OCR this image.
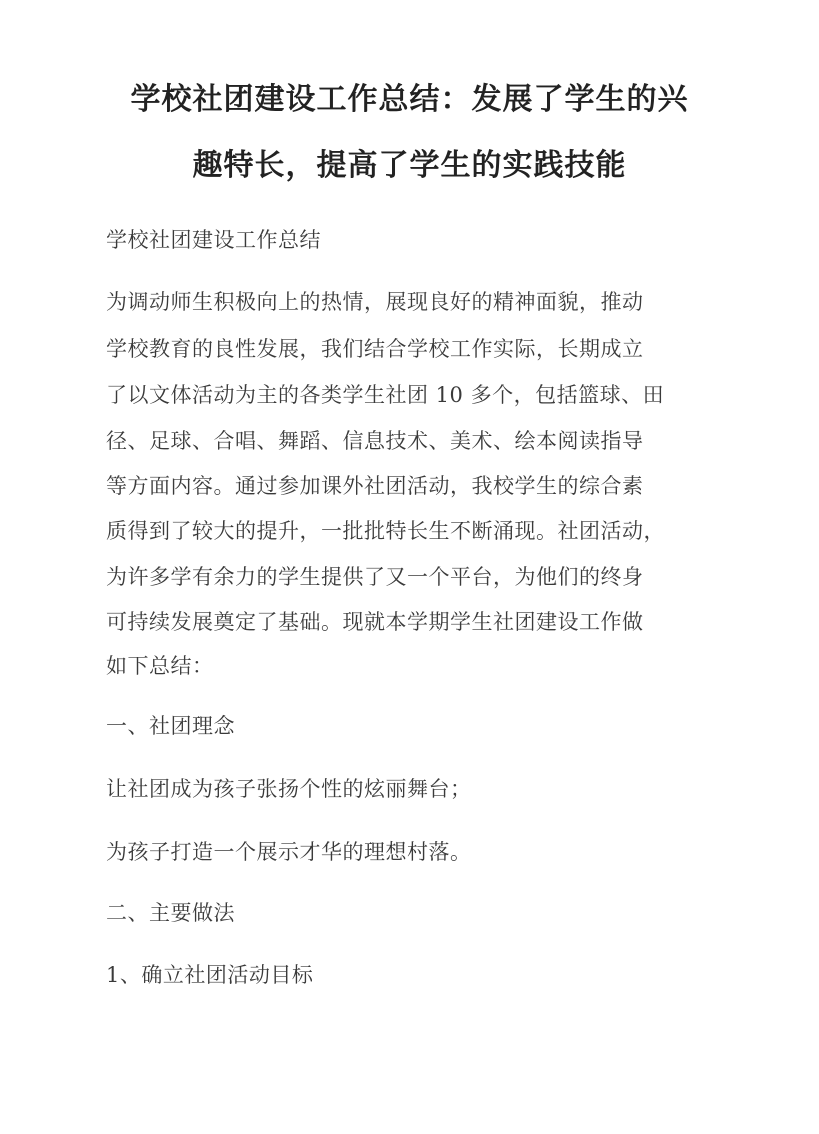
学校社团建设工作总结：发展了学生的兴
趣特长，提高了学生的实践技能
学校社团建设工作总结
为调动师生积极向上的热情，展现良好的精神面貌，推动
学校教育的良性发展，我们结合学校工作实际，长期成立
了以文体活动为主的各类学生社团 10 多个，包括篮球、田
径、足球、合唱、舞蹈、信息技术、美术、绘本阅读指导
等方面内容。通过参加课外社团活动，我校学生的综合素
质得到了较大的提升，一批批特长生不断涌现。社团活动，
为许多学有余力的学生提供了又一个平台，为他们的终身
可持续发展奠定了基础。现就本学期学生社团建设工作做
如下总结：
一、社团理念
让社团成为孩子张扬个性的炫丽舞台；
为孩子打造一个展示才华的理想村落。
二、主要做法
1、确立社团活动目标
